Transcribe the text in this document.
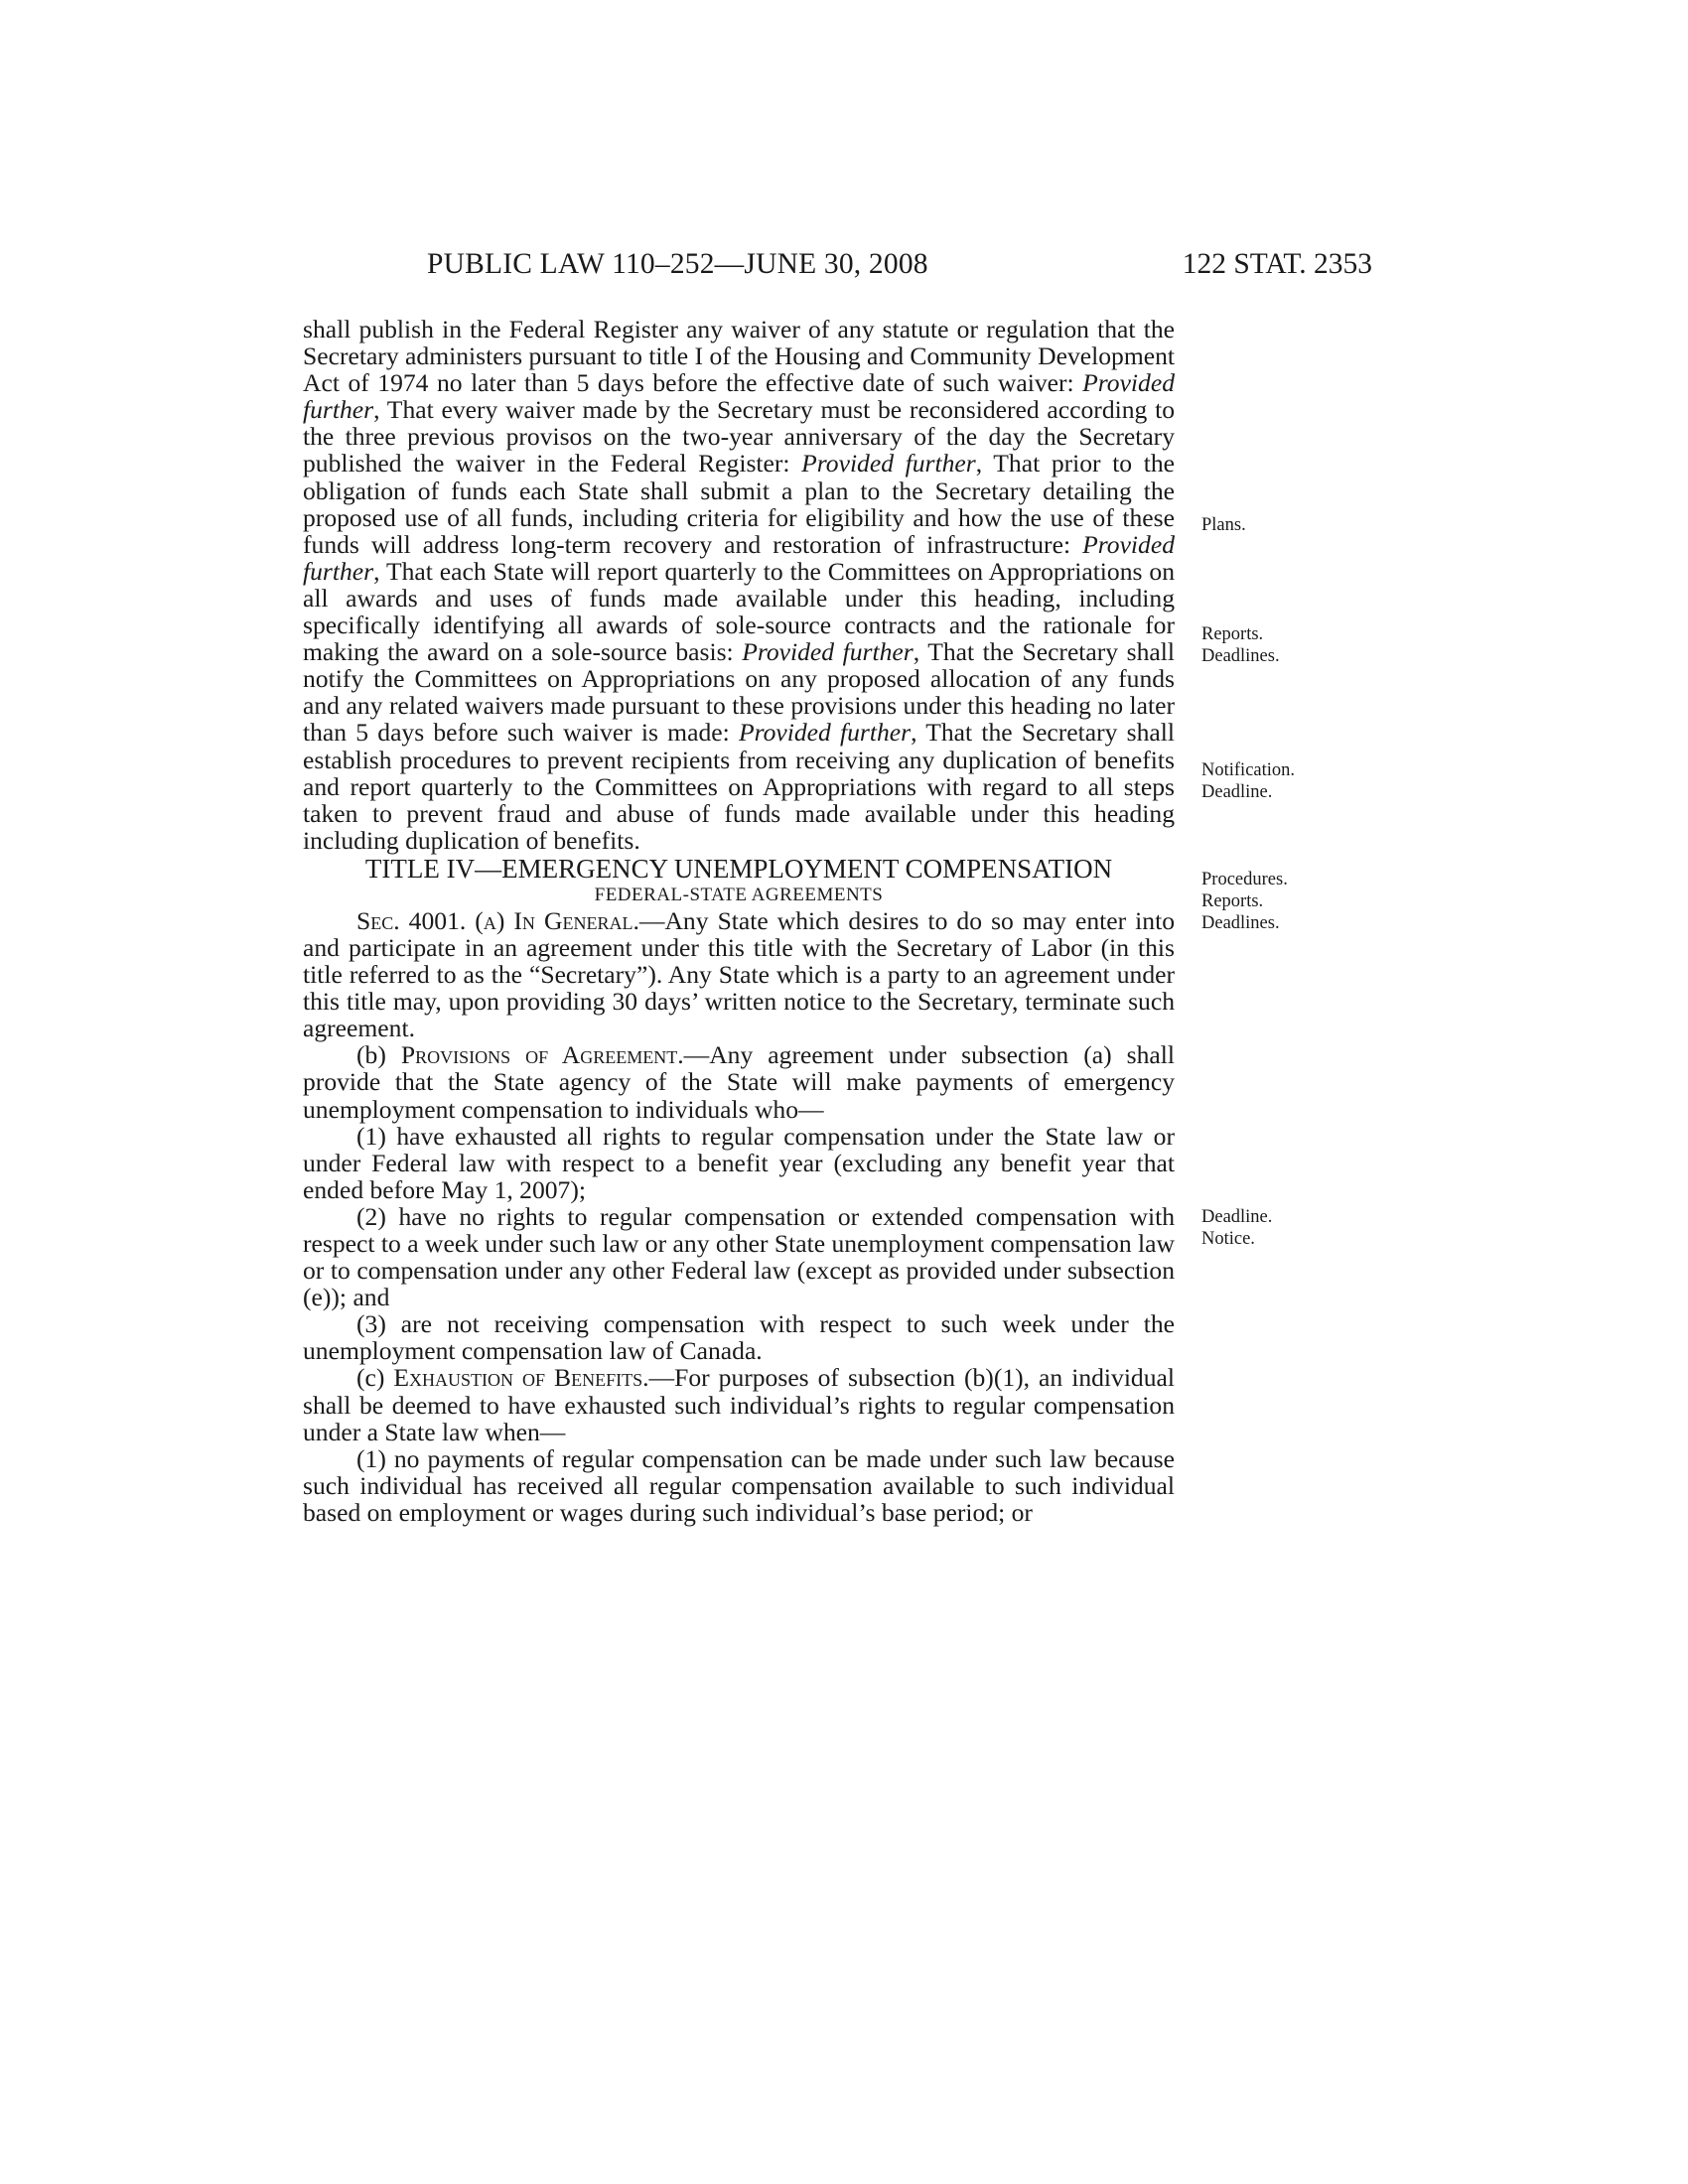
PUBLIC LAW 110–252—JUNE 30, 2008	122 STAT. 2353

shall publish in the Federal Register any waiver of any statute or regulation that the Secretary administers pursuant to title I of the Housing and Community Development Act of 1974 no later than 5 days before the effective date of such waiver: Provided further, That every waiver made by the Secretary must be reconsidered according to the three previous provisos on the two-year anniversary of the day the Secretary published the waiver in the Federal Register: Provided further, That prior to the obligation of funds each State shall submit a plan to the Secretary detailing the proposed use of all funds, including criteria for eligibility and how the use of these funds will address long-term recovery and restoration of infrastructure: Provided further, That each State will report quarterly to the Committees on Appropriations on all awards and uses of funds made available under this heading, including specifically identifying all awards of sole-source contracts and the rationale for making the award on a sole-source basis: Provided further, That the Secretary shall notify the Committees on Appropriations on any proposed allocation of any funds and any related waivers made pursuant to these provisions under this heading no later than 5 days before such waiver is made: Provided further, That the Secretary shall establish procedures to prevent recipients from receiving any duplication of benefits and report quarterly to the Committees on Appropriations with regard to all steps taken to prevent fraud and abuse of funds made available under this heading including duplication of benefits.

TITLE IV—EMERGENCY UNEMPLOYMENT COMPENSATION

FEDERAL-STATE AGREEMENTS

Sec. 4001. (a) In General.—Any State which desires to do so may enter into and participate in an agreement under this title with the Secretary of Labor (in this title referred to as the “Secretary”). Any State which is a party to an agreement under this title may, upon providing 30 days’ written notice to the Secretary, terminate such agreement.

(b) Provisions of Agreement.—Any agreement under subsection (a) shall provide that the State agency of the State will make payments of emergency unemployment compensation to individuals who—

(1) have exhausted all rights to regular compensation under the State law or under Federal law with respect to a benefit year (excluding any benefit year that ended before May 1, 2007);

(2) have no rights to regular compensation or extended compensation with respect to a week under such law or any other State unemployment compensation law or to compensation under any other Federal law (except as provided under subsection (e)); and

(3) are not receiving compensation with respect to such week under the unemployment compensation law of Canada.

(c) Exhaustion of Benefits.—For purposes of subsection (b)(1), an individual shall be deemed to have exhausted such individual’s rights to regular compensation under a State law when—

(1) no payments of regular compensation can be made under such law because such individual has received all regular compensation available to such individual based on employment or wages during such individual’s base period; or

Plans.
Reports.
Deadlines.
Notification.
Deadline.
Procedures.
Reports.
Deadlines.
Deadline.
Notice.
